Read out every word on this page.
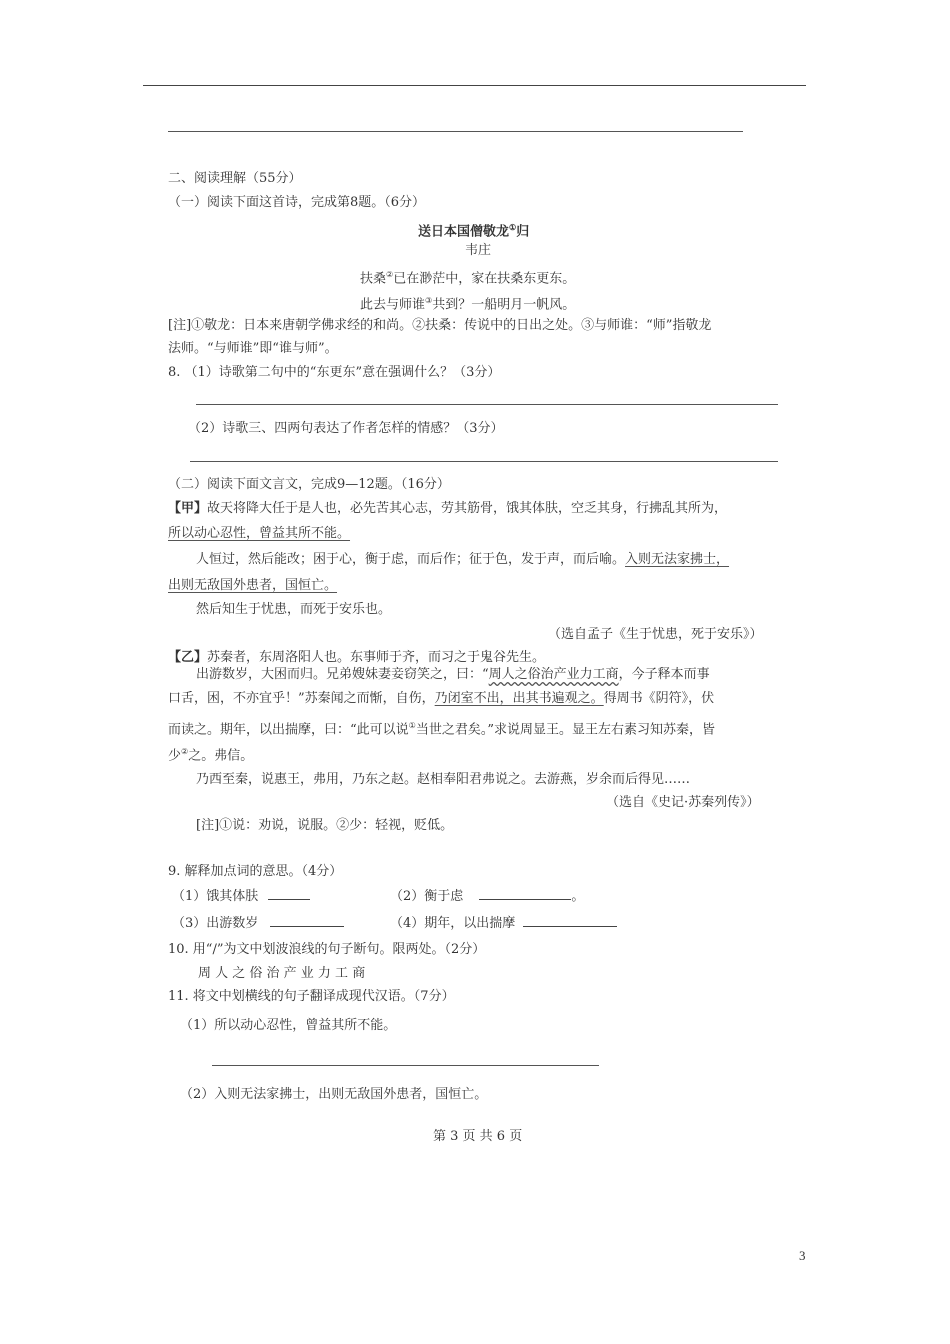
二、阅读理解（55分）
（一）阅读下面这首诗，完成第8题。（6分）
送日本国僧敬龙①归
韦庄
扶桑②已在渺茫中，家在扶桑东更东。
此去与师谁③共到？一船明月一帆风。
[注]①敬龙：日本来唐朝学佛求经的和尚。②扶桑：传说中的日出之处。③与师谁：“师”指敬龙
法师。“与师谁”即“谁与师”。
8. （1）诗歌第二句中的“东更东”意在强调什么？（3分）
（2）诗歌三、四两句表达了作者怎样的情感？（3分）
（二）阅读下面文言文，完成9—12题。（16分）
【甲】故天将降大任于是人也，必先苦其心志，劳其筋骨，饿其体肤，空乏其身，行拂乱其所为，
所以动心忍性，曾益其所不能。
人恒过，然后能改；困于心，衡于虑，而后作；征于色，发于声，而后喻。入则无法家拂士，
出则无敌国外患者，国恒亡。
然后知生于忧患，而死于安乐也。
（选自孟子《生于忧患，死于安乐》）
【乙】苏秦者，东周洛阳人也。东事师于齐，而习之于鬼谷先生。
出游数岁，大困而归。兄弟嫂妹妻妾窃笑之，曰：“周人之俗治产业力工商，今子释本而事
口舌，困，不亦宜乎！”苏秦闻之而惭，自伤，乃闭室不出，出其书遍观之。得周书《阴符》，伏
而读之。期年，以出揣摩，曰：“此可以说①当世之君矣。”求说周显王。显王左右素习知苏秦，皆
少②之。弗信。
乃西至秦，说惠王，弗用，乃东之赵。赵相奉阳君弗说之。去游燕，岁余而后得见……
（选自《史记·苏秦列传》）
[注]①说：劝说，说服。②少：轻视，贬低。
9. 解释加点词的意思。（4分）
（1）饿其体肤	（2）衡于虑	。
（3）出游数岁	（4）期年，以出揣摩
10. 用“/”为文中划波浪线的句子断句。限两处。（2分）
周 人 之 俗 治 产 业 力 工 商
11. 将文中划横线的句子翻译成现代汉语。（7分）
（1）所以动心忍性，曾益其所不能。
（2）入则无法家拂士，出则无敌国外患者，国恒亡。
第 3 页 共 6 页
3
